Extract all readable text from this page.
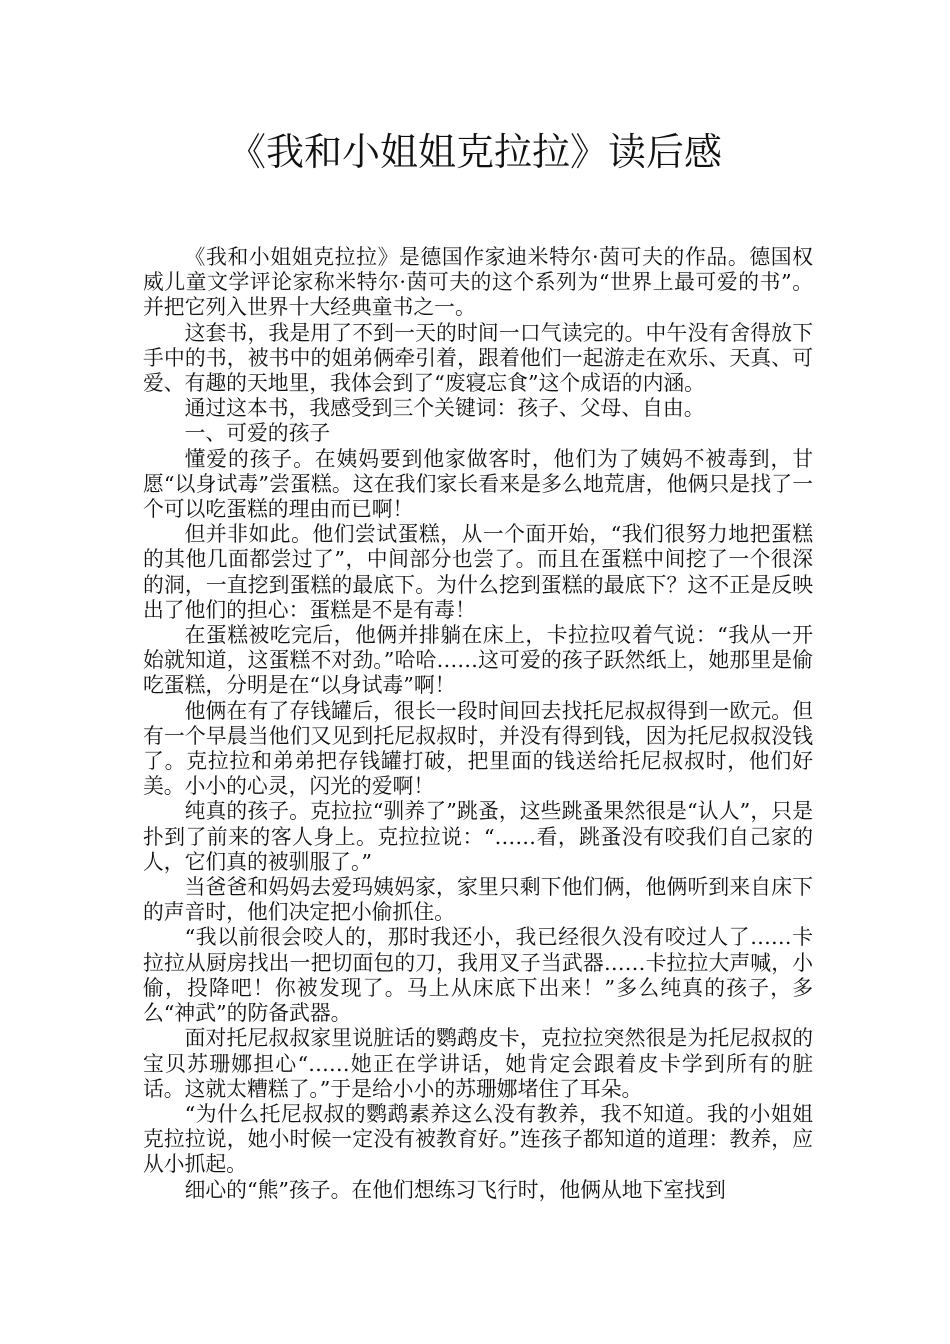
《我和小姐姐克拉拉》读后感

《我和小姐姐克拉拉》是德国作家迪米特尔·茵可夫的作品。德国权威儿童文学评论家称米特尔·茵可夫的这个系列为“世界上最可爱的书”。并把它列入世界十大经典童书之一。

这套书，我是用了不到一天的时间一口气读完的。中午没有舍得放下手中的书，被书中的姐弟俩牵引着，跟着他们一起游走在欢乐、天真、可爱、有趣的天地里，我体会到了“废寝忘食”这个成语的内涵。

通过这本书，我感受到三个关键词：孩子、父母、自由。

一、可爱的孩子

懂爱的孩子。在姨妈要到他家做客时，他们为了姨妈不被毒到，甘愿“以身试毒”尝蛋糕。这在我们家长看来是多么地荒唐，他俩只是找了一个可以吃蛋糕的理由而已啊！

但并非如此。他们尝试蛋糕，从一个面开始，“我们很努力地把蛋糕的其他几面都尝过了”，中间部分也尝了。而且在蛋糕中间挖了一个很深的洞，一直挖到蛋糕的最底下。为什么挖到蛋糕的最底下？这不正是反映出了他们的担心：蛋糕是不是有毒！

在蛋糕被吃完后，他俩并排躺在床上，卡拉拉叹着气说：“我从一开始就知道，这蛋糕不对劲。”哈哈……这可爱的孩子跃然纸上，她那里是偷吃蛋糕，分明是在“以身试毒”啊！

他俩在有了存钱罐后，很长一段时间回去找托尼叔叔得到一欧元。但有一个早晨当他们又见到托尼叔叔时，并没有得到钱，因为托尼叔叔没钱了。克拉拉和弟弟把存钱罐打破，把里面的钱送给托尼叔叔时，他们好美。小小的心灵，闪光的爱啊！

纯真的孩子。克拉拉“驯养了”跳蚤，这些跳蚤果然很是“认人”，只是扑到了前来的客人身上。克拉拉说：“……看，跳蚤没有咬我们自己家的人，它们真的被驯服了。”

当爸爸和妈妈去爱玛姨妈家，家里只剩下他们俩，他俩听到来自床下的声音时，他们决定把小偷抓住。

“我以前很会咬人的，那时我还小，我已经很久没有咬过人了……卡拉拉从厨房找出一把切面包的刀，我用叉子当武器……卡拉拉大声喊，小偷，投降吧！你被发现了。马上从床底下出来！”多么纯真的孩子，多么“神武”的防备武器。

面对托尼叔叔家里说脏话的鹦鹉皮卡，克拉拉突然很是为托尼叔叔的宝贝苏珊娜担心“……她正在学讲话，她肯定会跟着皮卡学到所有的脏话。这就太糟糕了。”于是给小小的苏珊娜堵住了耳朵。

“为什么托尼叔叔的鹦鹉素养这么没有教养，我不知道。我的小姐姐克拉拉说，她小时候一定没有被教育好。”连孩子都知道的道理：教养，应从小抓起。

细心的“熊”孩子。在他们想练习飞行时，他俩从地下室找到
